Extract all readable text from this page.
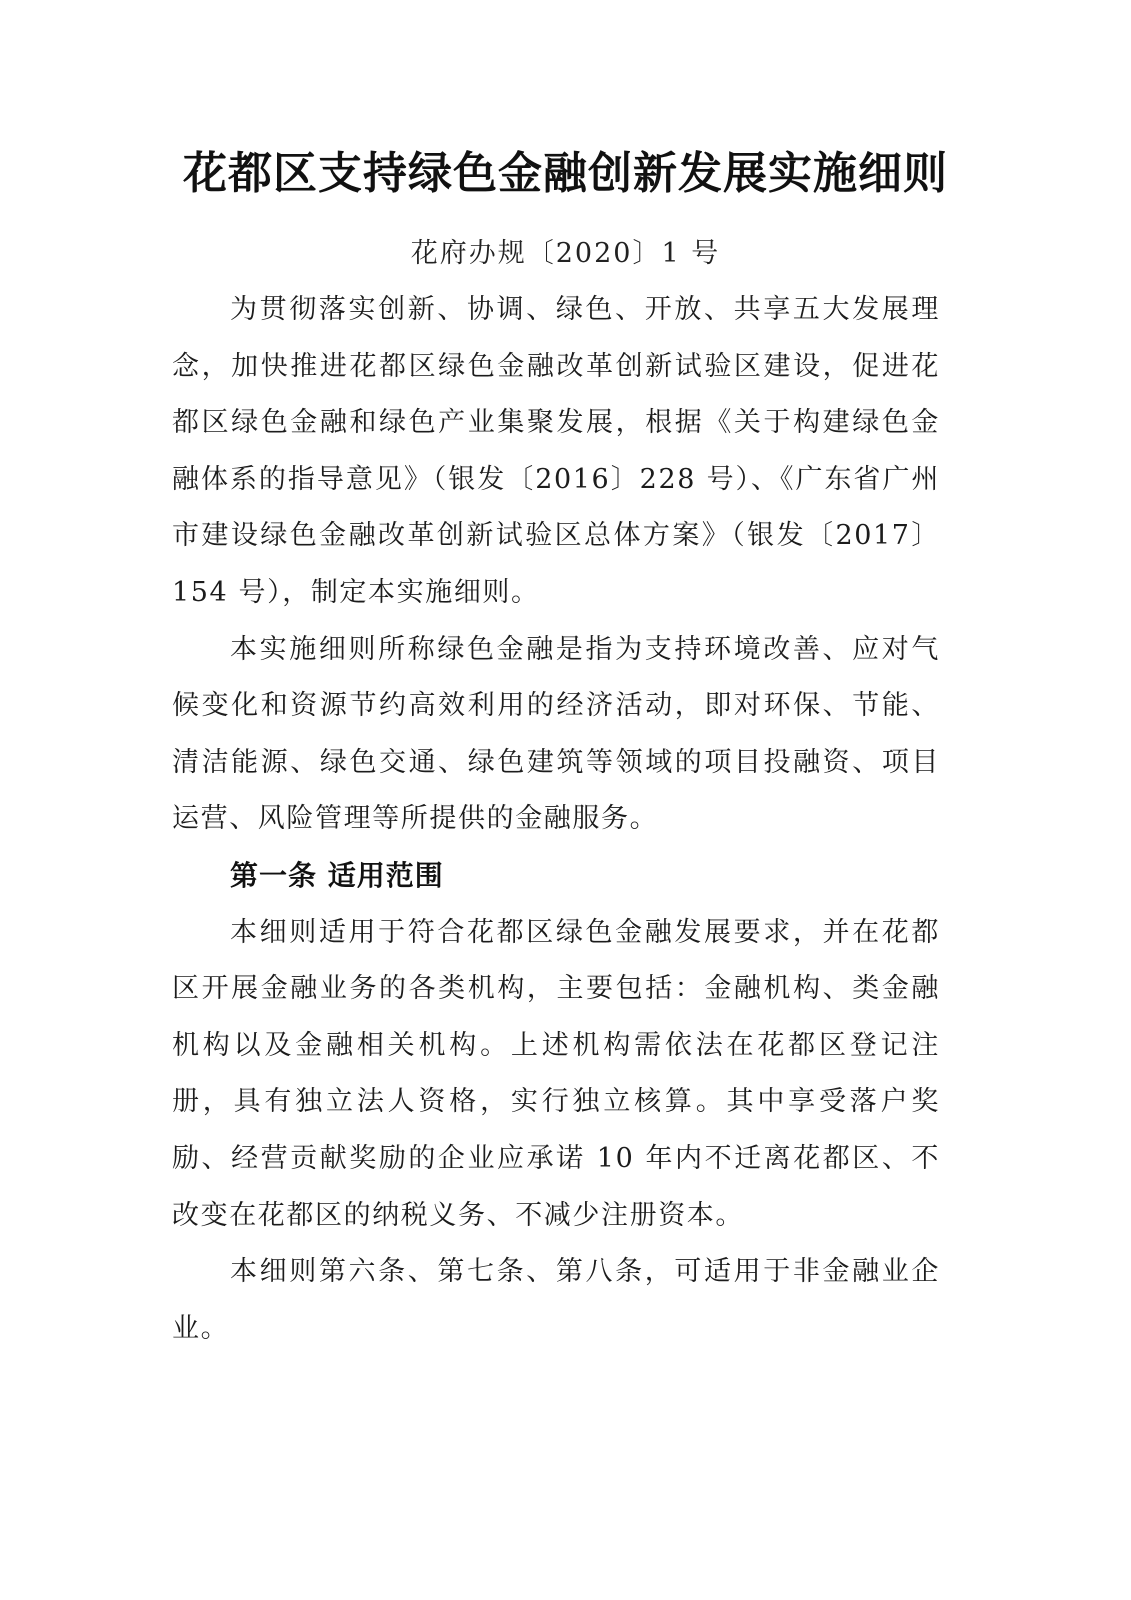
花都区支持绿色金融创新发展实施细则
花府办规〔2020〕1 号

为贯彻落实创新、协调、绿色、开放、共享五大发展理念，加快推进花都区绿色金融改革创新试验区建设，促进花都区绿色金融和绿色产业集聚发展，根据《关于构建绿色金融体系的指导意见》（银发〔2016〕228 号）、《广东省广州市建设绿色金融改革创新试验区总体方案》（银发〔2017〕154 号），制定本实施细则。

本实施细则所称绿色金融是指为支持环境改善、应对气候变化和资源节约高效利用的经济活动，即对环保、节能、清洁能源、绿色交通、绿色建筑等领域的项目投融资、项目运营、风险管理等所提供的金融服务。

第一条 适用范围

本细则适用于符合花都区绿色金融发展要求，并在花都区开展金融业务的各类机构，主要包括：金融机构、类金融机构以及金融相关机构。上述机构需依法在花都区登记注册，具有独立法人资格，实行独立核算。其中享受落户奖励、经营贡献奖励的企业应承诺 10 年内不迁离花都区、不改变在花都区的纳税义务、不减少注册资本。

本细则第六条、第七条、第八条，可适用于非金融业企业。
